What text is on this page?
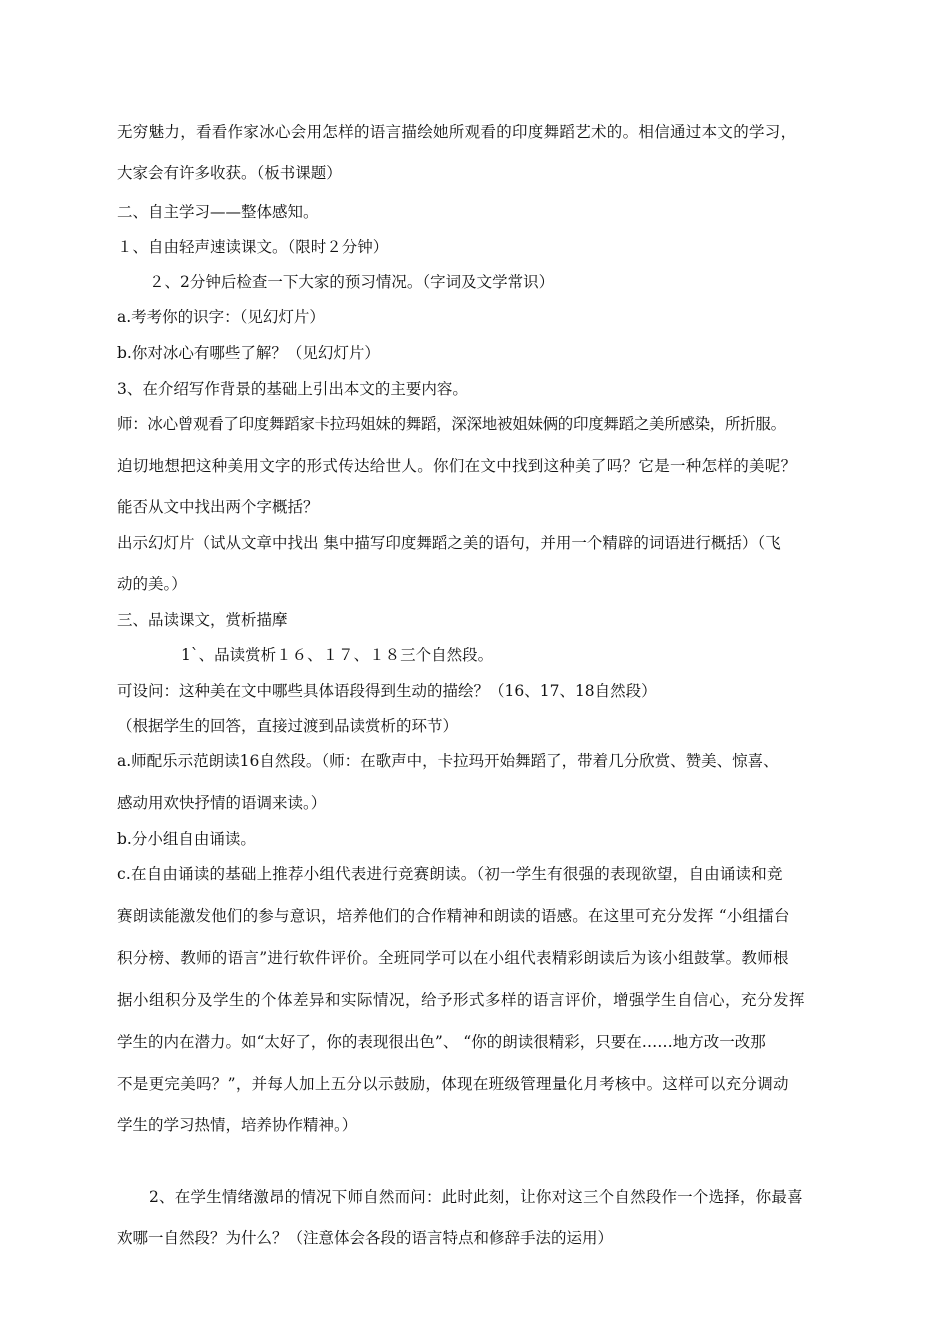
无穷魅力，看看作家冰心会用怎样的语言描绘她所观看的印度舞蹈艺术的。相信通过本文的学习，

大家会有许多收获。（板书课题）

二、自主学习——整体感知。

１、自由轻声速读课文。（限时２分钟）

２、2分钟后检查一下大家的预习情况。（字词及文学常识）

a.考考你的识字：（见幻灯片）

b.你对冰心有哪些了解？（见幻灯片）

3、在介绍写作背景的基础上引出本文的主要内容。

师：冰心曾观看了印度舞蹈家卡拉玛姐妹的舞蹈，深深地被姐妹俩的印度舞蹈之美所感染，所折服。

迫切地想把这种美用文字的形式传达给世人。你们在文中找到这种美了吗？它是一种怎样的美呢？

能否从文中找出两个字概括？

出示幻灯片（试从文章中找出 集中描写印度舞蹈之美的语句，并用一个精辟的词语进行概括）（飞

动的美。）

三、品读课文，赏析描摩

1`、品读赏析１６、１７、１８三个自然段。

可设问：这种美在文中哪些具体语段得到生动的描绘？（16、17、18自然段）

（根据学生的回答，直接过渡到品读赏析的环节）

a.师配乐示范朗读16自然段。（师：在歌声中，卡拉玛开始舞蹈了，带着几分欣赏、赞美、惊喜、

感动用欢快抒情的语调来读。）

b.分小组自由诵读。

c.在自由诵读的基础上推荐小组代表进行竞赛朗读。（初一学生有很强的表现欲望，自由诵读和竞

赛朗读能激发他们的参与意识，培养他们的合作精神和朗读的语感。在这里可充分发挥 “小组擂台

积分榜、教师的语言”进行软件评价。全班同学可以在小组代表精彩朗读后为该小组鼓掌。教师根

据小组积分及学生的个体差异和实际情况，给予形式多样的语言评价，增强学生自信心，充分发挥

学生的内在潜力。如“太好了，你的表现很出色”、 “你的朗读很精彩，只要在……地方改一改那

不是更完美吗？”，并每人加上五分以示鼓励，体现在班级管理量化月考核中。这样可以充分调动

学生的学习热情，培养协作精神。）

2、在学生情绪激昂的情况下师自然而问：此时此刻，让你对这三个自然段作一个选择，你最喜

欢哪一自然段？为什么？（注意体会各段的语言特点和修辞手法的运用）
